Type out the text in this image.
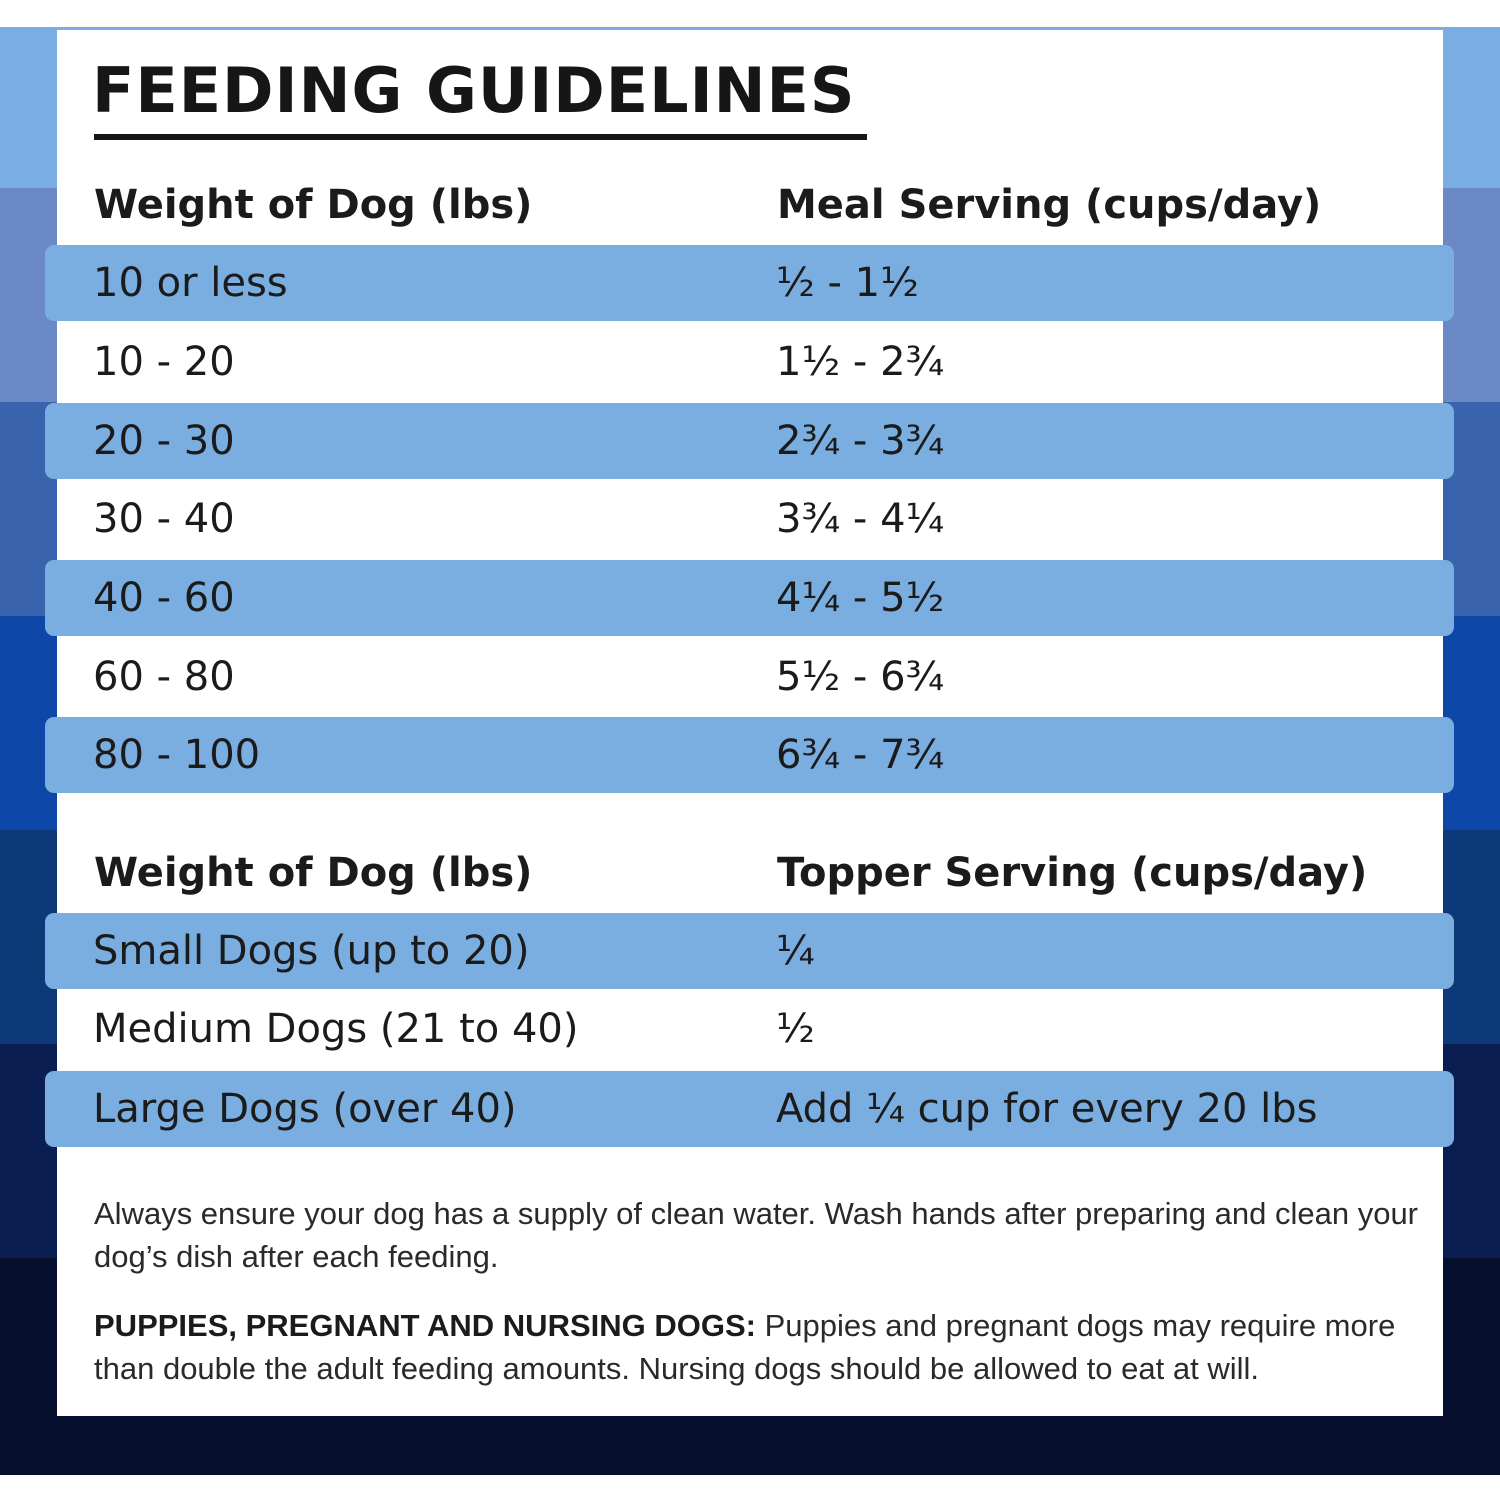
FEEDING GUIDELINES
Weight of Dog (lbs)	Meal Serving (cups/day)
10 or less	½ - 1½
10 - 20	1½ - 2¾
20 - 30	2¾ - 3¾
30 - 40	3¾ - 4¼
40 - 60	4¼ - 5½
60 - 80	5½ - 6¾
80 - 100	6¾ - 7¾
Weight of Dog (lbs)	Topper Serving (cups/day)
Small Dogs (up to 20)	¼
Medium Dogs (21 to 40)	½
Large Dogs (over 40)	Add ¼ cup for every 20 lbs
Always ensure your dog has a supply of clean water. Wash hands after preparing and clean your dog’s dish after each feeding.
PUPPIES, PREGNANT AND NURSING DOGS: Puppies and pregnant dogs may require more than double the adult feeding amounts. Nursing dogs should be allowed to eat at will.
